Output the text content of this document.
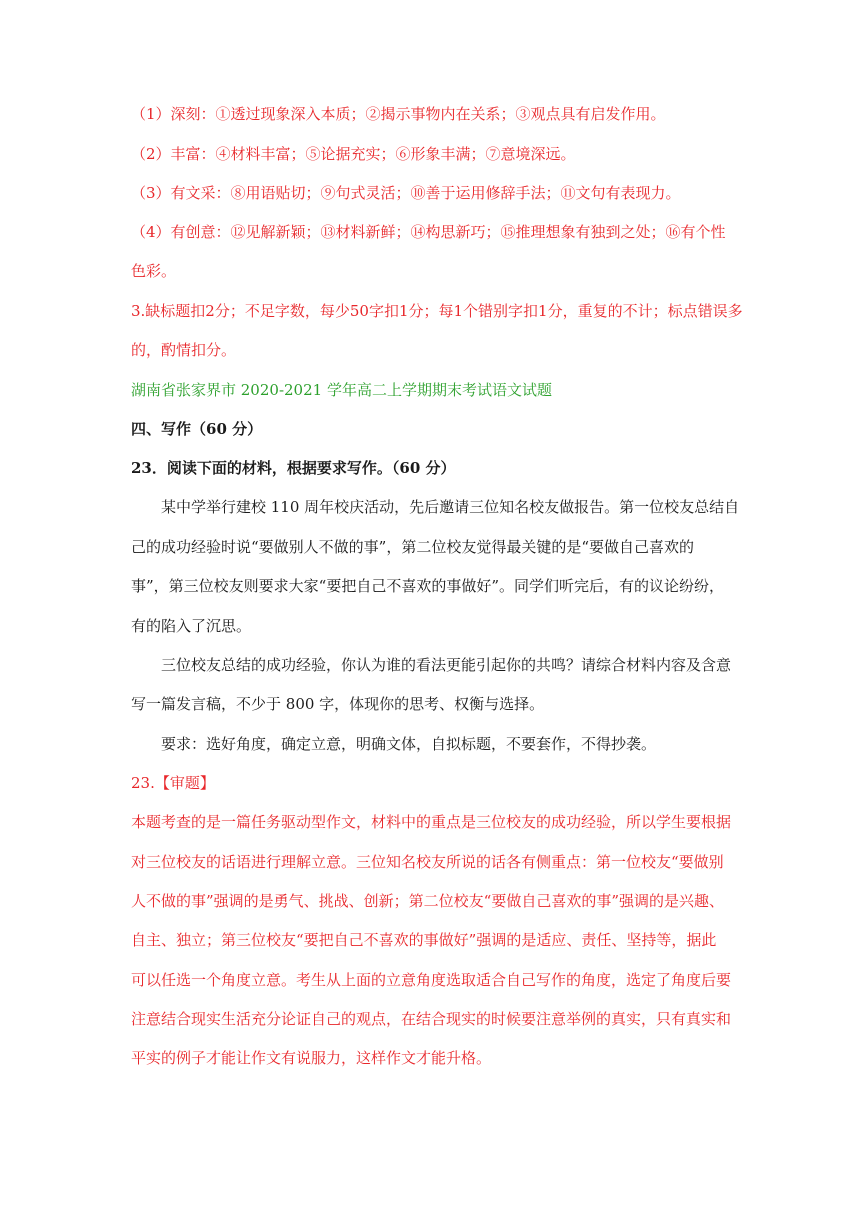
（1）深刻：①透过现象深入本质；②揭示事物内在关系；③观点具有启发作用。
（2）丰富：④材料丰富；⑤论据充实；⑥形象丰满；⑦意境深远。
（3）有文采：⑧用语贴切；⑨句式灵活；⑩善于运用修辞手法；⑪文句有表现力。
（4）有创意：⑫见解新颖；⑬材料新鲜；⑭构思新巧；⑮推理想象有独到之处；⑯有个性
色彩。
3.缺标题扣2分；不足字数，每少50字扣1分；每1个错别字扣1分，重复的不计；标点错误多
的，酌情扣分。
湖南省张家界市 2020-2021 学年高二上学期期末考试语文试题
四、写作（60 分）
23．阅读下面的材料，根据要求写作。（60 分）
某中学举行建校 110 周年校庆活动，先后邀请三位知名校友做报告。第一位校友总结自
己的成功经验时说“要做别人不做的事”，第二位校友觉得最关键的是“要做自己喜欢的
事”，第三位校友则要求大家“要把自己不喜欢的事做好”。同学们听完后，有的议论纷纷，
有的陷入了沉思。
三位校友总结的成功经验，你认为谁的看法更能引起你的共鸣？请综合材料内容及含意
写一篇发言稿，不少于 800 字，体现你的思考、权衡与选择。
要求：选好角度，确定立意，明确文体，自拟标题，不要套作，不得抄袭。
23.【审题】
本题考查的是一篇任务驱动型作文，材料中的重点是三位校友的成功经验，所以学生要根据
对三位校友的话语进行理解立意。三位知名校友所说的话各有侧重点：第一位校友“要做别
人不做的事”强调的是勇气、挑战、创新；第二位校友“要做自己喜欢的事”强调的是兴趣、
自主、独立；第三位校友“要把自己不喜欢的事做好”强调的是适应、责任、坚持等，据此
可以任选一个角度立意。考生从上面的立意角度选取适合自己写作的角度，选定了角度后要
注意结合现实生活充分论证自己的观点，在结合现实的时候要注意举例的真实，只有真实和
平实的例子才能让作文有说服力，这样作文才能升格。
